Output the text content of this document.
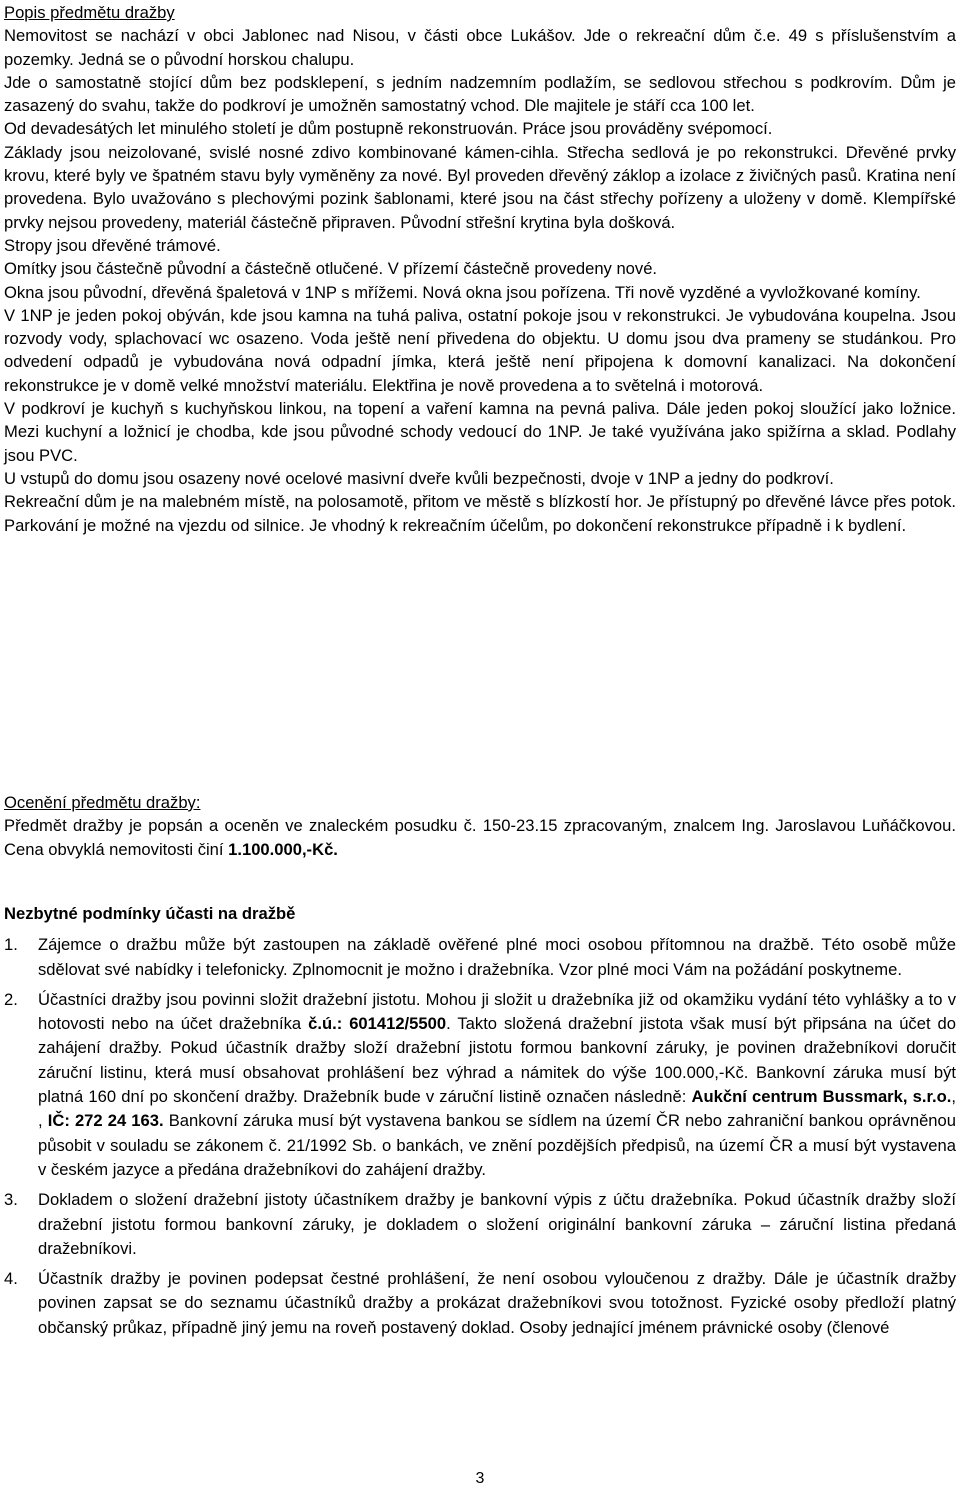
Popis předmětu dražby

Nemovitost se nachází v obci Jablonec nad Nisou, v části obce Lukášov. Jde o rekreační dům č.e. 49 s příslušenstvím a pozemky. Jedná se o původní horskou chalupu.

Jde o samostatně stojící dům bez podsklepení, s jedním nadzemním podlažím, se sedlovou střechou s podkrovím. Dům je zasazený do svahu, takže do podkroví je umožněn samostatný vchod. Dle majitele je stáří cca 100 let.

Od devadesátých let minulého století je dům postupně rekonstruován. Práce jsou prováděny svépomocí.

Základy jsou neizolované, svislé nosné zdivo kombinované kámen-cihla. Střecha sedlová je po rekonstrukci. Dřevěné prvky krovu, které byly ve špatném stavu byly vyměněny za nové. Byl proveden dřevěný záklop a izolace z živičných pasů. Kratina není provedena. Bylo uvažováno s plechovými pozink šablonami, které jsou na část střechy pořízeny a uloženy v domě. Klempířské prvky nejsou provedeny, materiál částečně připraven. Původní střešní krytina byla došková.

Stropy jsou dřevěné trámové.

Omítky jsou částečně původní a částečně otlučené. V přízemí částečně provedeny nové.

Okna jsou původní, dřevěná špaletová v 1NP s mřížemi. Nová okna jsou pořízena. Tři nově vyzděné a vyvložkované komíny.

V 1NP je jeden pokoj obýván, kde jsou kamna na tuhá paliva, ostatní pokoje jsou v rekonstrukci. Je vybudována koupelna. Jsou rozvody vody, splachovací wc osazeno. Voda ještě není přivedena do objektu. U domu jsou dva prameny se studánkou. Pro odvedení odpadů je vybudována nová odpadní jímka, která ještě není připojena k domovní kanalizaci. Na dokončení rekonstrukce je v domě velké množství materiálu. Elektřina je nově provedena a to světelná i motorová.

V podkroví je kuchyň s kuchyňskou linkou, na topení a vaření kamna na pevná paliva. Dále jeden pokoj sloužící jako ložnice. Mezi kuchyní a ložnicí je chodba, kde jsou původné schody vedoucí do 1NP. Je také využívána jako spižírna a sklad. Podlahy jsou PVC.

U vstupů do domu jsou osazeny nové ocelové masivní dveře kvůli bezpečnosti, dvoje v 1NP a jedny do podkroví.

Rekreační dům je na malebném místě, na polosamotě, přitom ve městě s blízkostí hor. Je přístupný po dřevěné lávce přes potok. Parkování je možné na vjezdu od silnice. Je vhodný k rekreačním účelům, po dokončení rekonstrukce případně i k bydlení.

Ocenění předmětu dražby:

Předmět dražby je popsán a oceněn ve znaleckém posudku č. 150-23.15 zpracovaným, znalcem Ing. Jaroslavou Luňáčkovou. Cena obvyklá nemovitosti činí 1.100.000,-Kč.

Nezbytné podmínky účasti na dražbě
1. Zájemce o dražbu může být zastoupen na základě ověřené plné moci osobou přítomnou na dražbě. Této osobě může sdělovat své nabídky i telefonicky. Zplnomocnit je možno i dražebníka. Vzor plné moci Vám na požádání poskytneme.
2. Účastníci dražby jsou povinni složit dražební jistotu. Mohou ji složit u dražebníka již od okamžiku vydání této vyhlášky a to v hotovosti nebo na účet dražebníka č.ú.: 601412/5500. Takto složená dražební jistota však musí být připsána na účet do zahájení dražby. Pokud účastník dražby složí dražební jistotu formou bankovní záruky, je povinen dražebníkovi doručit záruční listinu, která musí obsahovat prohlášení bez výhrad a námitek do výše 100.000,-Kč. Bankovní záruka musí být platná 160 dní po skončení dražby. Dražebník bude v záruční listině označen následně: Aukční centrum Bussmark, s.r.o., , IČ: 272 24 163. Bankovní záruka musí být vystavena bankou se sídlem na území ČR nebo zahraniční bankou oprávněnou působit v souladu se zákonem č. 21/1992 Sb. o bankách, ve znění pozdějších předpisů, na území ČR a musí být vystavena v českém jazyce a předána dražebníkovi do zahájení dražby.
3. Dokladem o složení dražební jistoty účastníkem dražby je bankovní výpis z účtu dražebníka. Pokud účastník dražby složí dražební jistotu formou bankovní záruky, je dokladem o složení originální bankovní záruka – záruční listina předaná dražebníkovi.
4. Účastník dražby je povinen podepsat čestné prohlášení, že není osobou vyloučenou z dražby. Dále je účastník dražby povinen zapsat se do seznamu účastníků dražby a prokázat dražebníkovi svou totožnost. Fyzické osoby předloží platný občanský průkaz, případně jiný jemu na roveň postavený doklad. Osoby jednající jménem právnické osoby (členové
3
